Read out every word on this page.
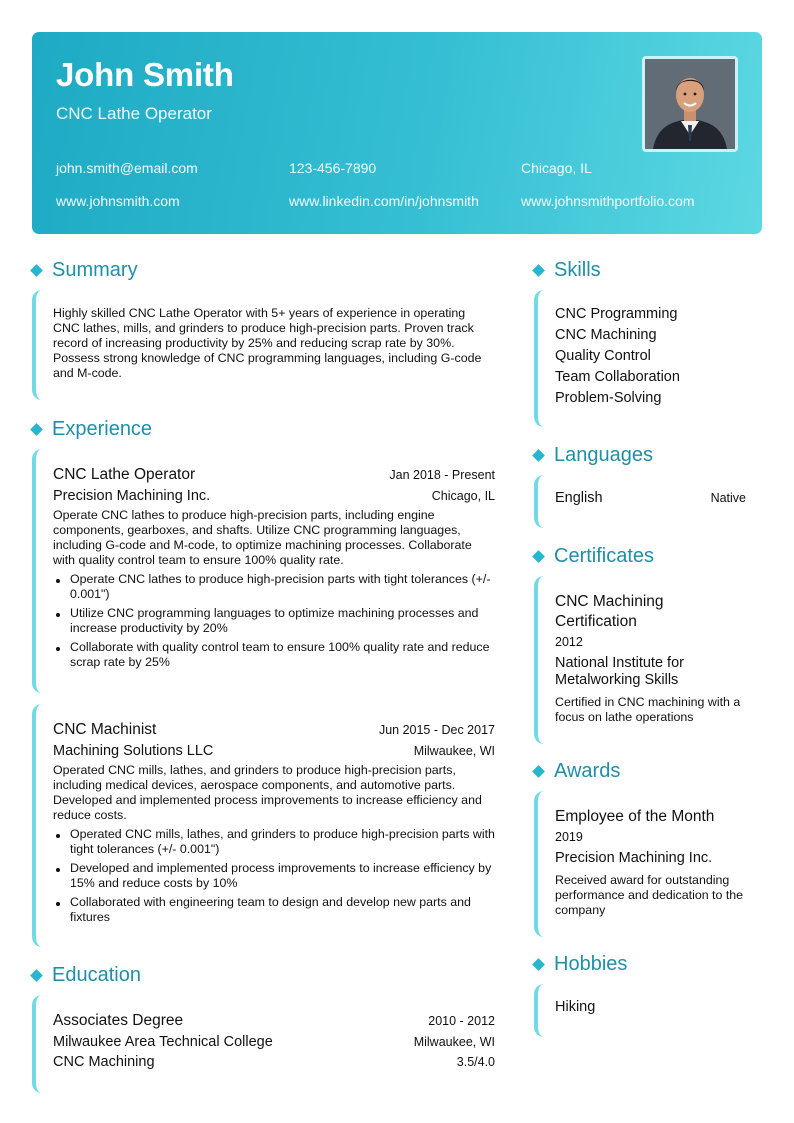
John Smith
CNC Lathe Operator
john.smith@email.com	123-456-7890	Chicago, IL
www.johnsmith.com	www.linkedin.com/in/johnsmith	www.johnsmithportfolio.com
Summary
Highly skilled CNC Lathe Operator with 5+ years of experience in operating CNC lathes, mills, and grinders to produce high-precision parts. Proven track record of increasing productivity by 25% and reducing scrap rate by 30%. Possess strong knowledge of CNC programming languages, including G-code and M-code.
Experience
CNC Lathe Operator	Jan 2018 - Present
Precision Machining Inc.	Chicago, IL
Operate CNC lathes to produce high-precision parts, including engine components, gearboxes, and shafts. Utilize CNC programming languages, including G-code and M-code, to optimize machining processes. Collaborate with quality control team to ensure 100% quality rate.
Operate CNC lathes to produce high-precision parts with tight tolerances (+/- 0.001")
Utilize CNC programming languages to optimize machining processes and increase productivity by 20%
Collaborate with quality control team to ensure 100% quality rate and reduce scrap rate by 25%
CNC Machinist	Jun 2015 - Dec 2017
Machining Solutions LLC	Milwaukee, WI
Operated CNC mills, lathes, and grinders to produce high-precision parts, including medical devices, aerospace components, and automotive parts. Developed and implemented process improvements to increase efficiency and reduce costs.
Operated CNC mills, lathes, and grinders to produce high-precision parts with tight tolerances (+/- 0.001")
Developed and implemented process improvements to increase efficiency by 15% and reduce costs by 10%
Collaborated with engineering team to design and develop new parts and fixtures
Education
Associates Degree	2010 - 2012
Milwaukee Area Technical College	Milwaukee, WI
CNC Machining	3.5/4.0
Skills
CNC Programming
CNC Machining
Quality Control
Team Collaboration
Problem-Solving
Languages
English	Native
Certificates
CNC Machining Certification
2012
National Institute for Metalworking Skills
Certified in CNC machining with a focus on lathe operations
Awards
Employee of the Month
2019
Precision Machining Inc.
Received award for outstanding performance and dedication to the company
Hobbies
Hiking
